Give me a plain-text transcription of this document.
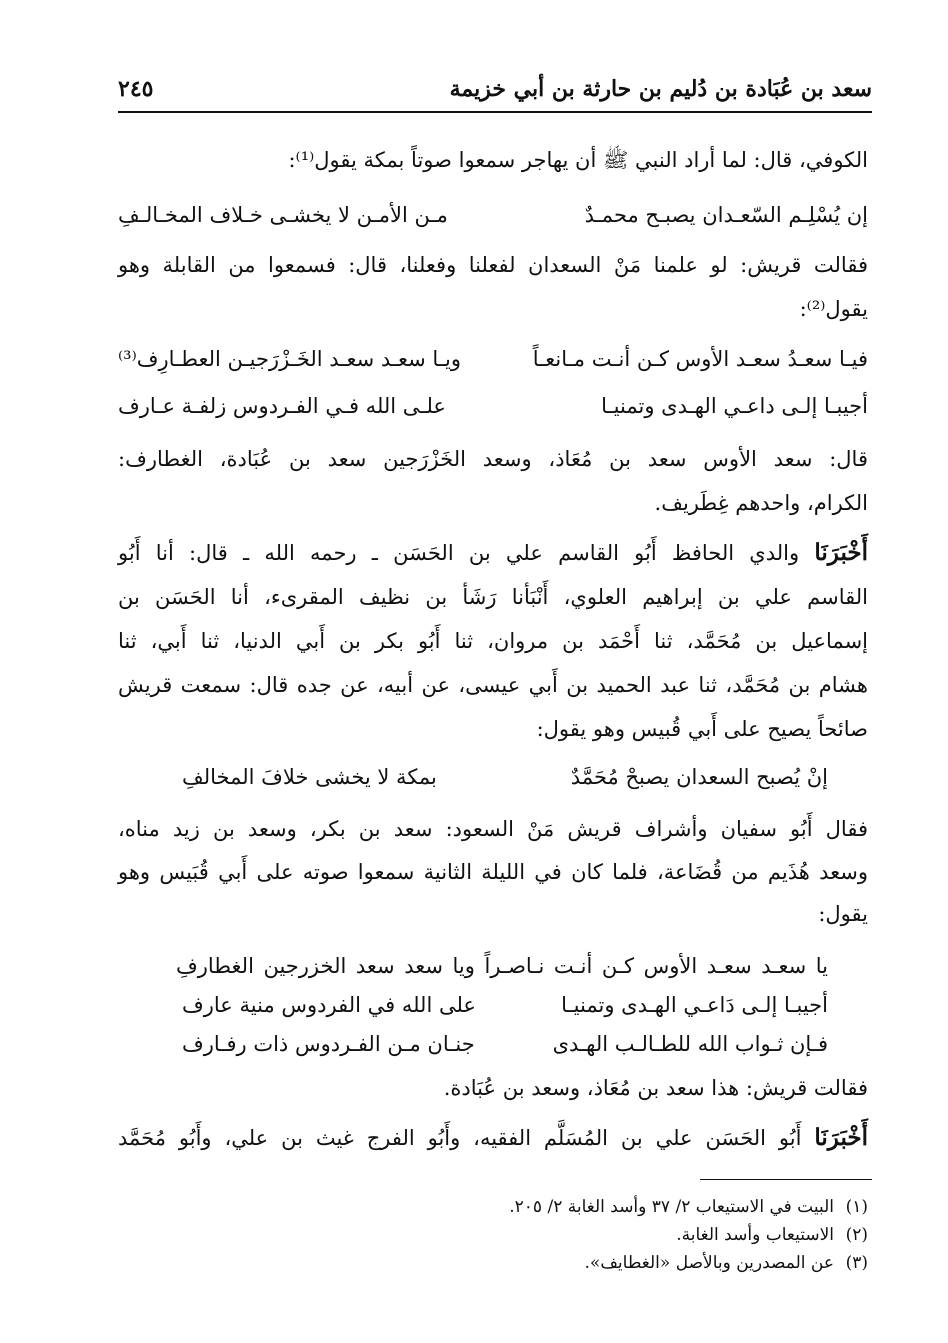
سعد بن عُبَادة بن دُليم بن حارثة بن أبي خزيمة
٢٤٥
الكوفي، قال: لما أراد النبي ﷺ أن يهاجر سمعوا صوتاً بمكة يقول⁽¹⁾:
إن يُسْلِـم السّعـدان يصبـح محمـدٌ
مـن الأمـن لا يخشـى خـلاف المخـالـفِ
فقالت قريش: لو علمنا مَنْ السعدان لفعلنا وفعلنا، قال: فسمعوا من القابلة وهو
يقول⁽²⁾:
فيـا سعـدُ سعـد الأوس كـن أنـت مـانعـاً
ويـا سعـد سعـد الخَـزْرَجيـن العطـارِف⁽³⁾
أجيبـا إلـى داعـي الهـدى وتمنيـا
علـى الله فـي الفـردوس زلفـة عـارف
قال: سعد الأوس سعد بن مُعَاذ، وسعد الخَزْرَجين سعد بن عُبَادة، الغطارف:
الكرام، واحدهم غِطَريف.
أَخْبَرَنَا والدي الحافظ أَبُو القاسم علي بن الحَسَن ـ رحمه الله ـ قال: أنا أَبُو
القاسم علي بن إبراهيم العلوي، أَنْبَأنا رَشَأ بن نظيف المقرىء، أنا الحَسَن بن
إسماعيل بن مُحَمَّد، ثنا أَحْمَد بن مروان، ثنا أَبُو بكر بن أَبي الدنيا، ثنا أَبي، ثنا
هشام بن مُحَمَّد، ثنا عبد الحميد بن أَبي عيسى، عن أبيه، عن جده قال: سمعت قريش
صائحاً يصيح على أَبي قُبيس وهو يقول:
إنْ يُصبح السعدان يصبحْ مُحَمَّدٌ
بمكة لا يخشى خلافَ المخالفِ
فقال أَبُو سفيان وأشراف قريش مَنْ السعود: سعد بن بكر، وسعد بن زيد مناه،
وسعد هُذَيم من قُضَاعة، فلما كان في الليلة الثانية سمعوا صوته على أَبي قُبَيس وهو
يقول:
يا سعـد سعـد الأوس كـن أنـت نـاصـراً ويا سعد سعد الخزرجين الغطارفِ
أجيبـا إلـى دَاعـي الهـدى وتمنيـا
على الله في الفردوس منية عارف
فـإن ثـواب الله للطـالـب الهـدى
جنـان مـن الفـردوس ذات رفـارف
فقالت قريش: هذا سعد بن مُعَاذ، وسعد بن عُبَادة.
أَخْبَرَنَا أَبُو الحَسَن علي بن المُسَلَّم الفقيه، وأَبُو الفرج غيث بن علي، وأَبُو مُحَمَّد
(١)البيت في الاستيعاب ٢/ ٣٧ وأسد الغابة ٢/ ٢٠٥.
(٢)الاستيعاب وأسد الغابة.
(٣)عن المصدرين وبالأصل «الغطايف».
